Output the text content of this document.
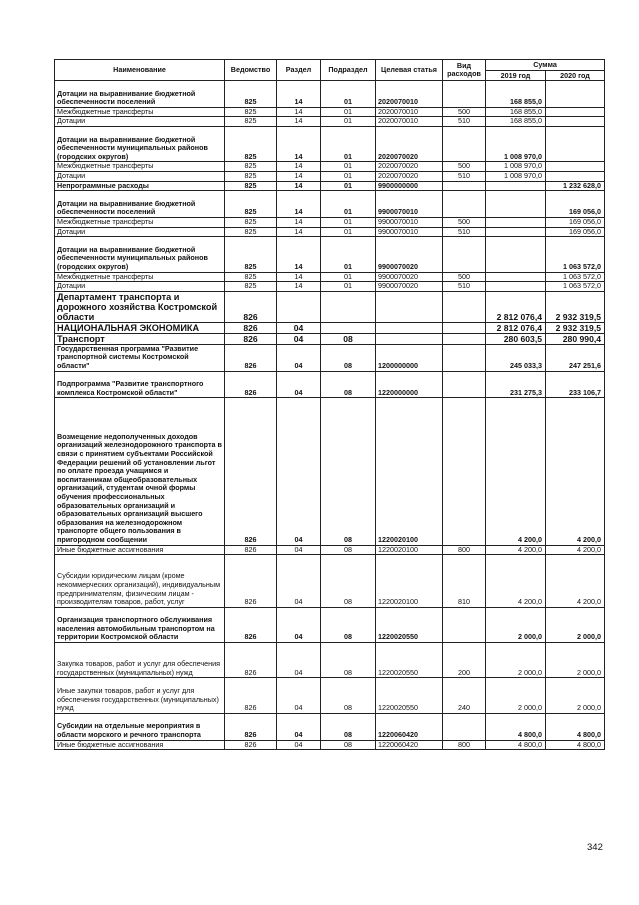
Наименование	Ведомство	Раздел	Подраздел	Целевая статья	Вид расходов	Сумма	
						2019 год	2020 год
Дотации на выравнивание бюджетной обеспеченности поселений	825	14	01	2020070010		168 855,0	
Межбюджетные трансферты	825	14	01	2020070010	500	168 855,0	
Дотации	825	14	01	2020070010	510	168 855,0	
Дотации на выравнивание бюджетной обеспеченности муниципальных районов (городских округов)	825	14	01	2020070020		1 008 970,0	
Межбюджетные трансферты	825	14	01	2020070020	500	1 008 970,0	
Дотации	825	14	01	2020070020	510	1 008 970,0	
Непрограммные расходы	825	14	01	9900000000			1 232 628,0
Дотации на выравнивание бюджетной обеспеченности поселений	825	14	01	9900070010			169 056,0
Межбюджетные трансферты	825	14	01	9900070010	500		169 056,0
Дотации	825	14	01	9900070010	510		169 056,0
Дотации на выравнивание бюджетной обеспеченности муниципальных районов (городских округов)	825	14	01	9900070020			1 063 572,0
Межбюджетные трансферты	825	14	01	9900070020	500		1 063 572,0
Дотации	825	14	01	9900070020	510		1 063 572,0
Департамент транспорта и дорожного хозяйства Костромской области	826					2 812 076,4	2 932 319,5
НАЦИОНАЛЬНАЯ ЭКОНОМИКА	826	04				2 812 076,4	2 932 319,5
Транспорт	826	04	08			280 603,5	280 990,4
Государственная программа "Развитие транспортной системы Костромской области"	826	04	08	1200000000		245 033,3	247 251,6
Подпрограмма "Развитие транспортного комплекса Костромской области"	826	04	08	1220000000		231 275,3	233 106,7
Возмещение недополученных доходов организаций железнодорожного транспорта в связи с принятием субъектами Российской Федерации решений об установлении льгот по оплате проезда учащимся и воспитанникам общеобразовательных организаций, студентам очной формы обучения профессиональных образовательных организаций и образовательных организаций высшего образования на железнодорожном транспорте общего пользования в пригородном сообщении	826	04	08	1220020100		4 200,0	4 200,0
Иные бюджетные ассигнования	826	04	08	1220020100	800	4 200,0	4 200,0
Субсидии юридическим лицам (кроме некоммерческих организаций), индивидуальным предпринимателям, физическим лицам - производителям товаров, работ, услуг	826	04	08	1220020100	810	4 200,0	4 200,0
Организация транспортного обслуживания населения автомобильным транспортом на территории Костромской области	826	04	08	1220020550		2 000,0	2 000,0
Закупка товаров, работ и услуг для обеспечения государственных (муниципальных) нужд	826	04	08	1220020550	200	2 000,0	2 000,0
Иные закупки товаров, работ и услуг для обеспечения государственных (муниципальных) нужд	826	04	08	1220020550	240	2 000,0	2 000,0
Субсидии на отдельные мероприятия в области морского и речного транспорта	826	04	08	1220060420		4 800,0	4 800,0
Иные бюджетные ассигнования	826	04	08	1220060420	800	4 800,0	4 800,0
342
